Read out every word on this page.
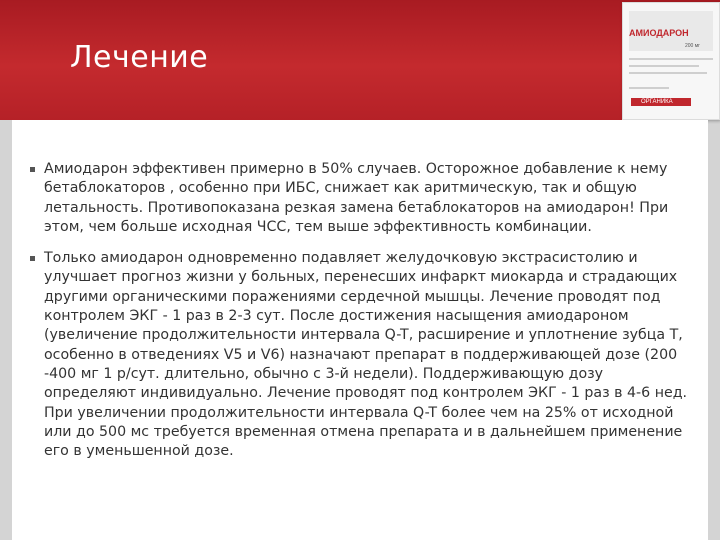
Лечение
АМИОДАРОН
200 мг
ОРГАНИКА
Амиодарон эффективен примерно в 50% случаев. Осторожное добавление к нему бетаблокаторов , особенно при ИБС, снижает как аритмическую, так и общую летальность. Противопоказана резкая замена бетаблокаторов на амиодарон! При этом, чем больше исходная ЧСС, тем выше эффективность комбинации.
Только амиодарон одновременно подавляет желудочковую экстрасистолию и улучшает прогноз жизни у больных, перенесших инфаркт миокарда и страдающих другими органическими поражениями сердечной мышцы. Лечение проводят под контролем ЭКГ - 1 раз в 2-3 сут. После достижения насыщения амиодароном (увеличение продолжительности интервала Q-T, расширение и уплотнение зубца Т, особенно в отведениях V5 и V6) назначают препарат в поддерживающей дозе (200 -400 мг 1 р/сут. длительно, обычно с 3-й недели). Поддерживающую дозу определяют индивидуально. Лечение проводят под контролем ЭКГ - 1 раз в 4-6 нед. При увеличении продолжительности интервала Q-T более чем на 25% от исходной или до 500 мс требуется временная отмена препарата и в дальнейшем применение его в уменьшенной дозе.
